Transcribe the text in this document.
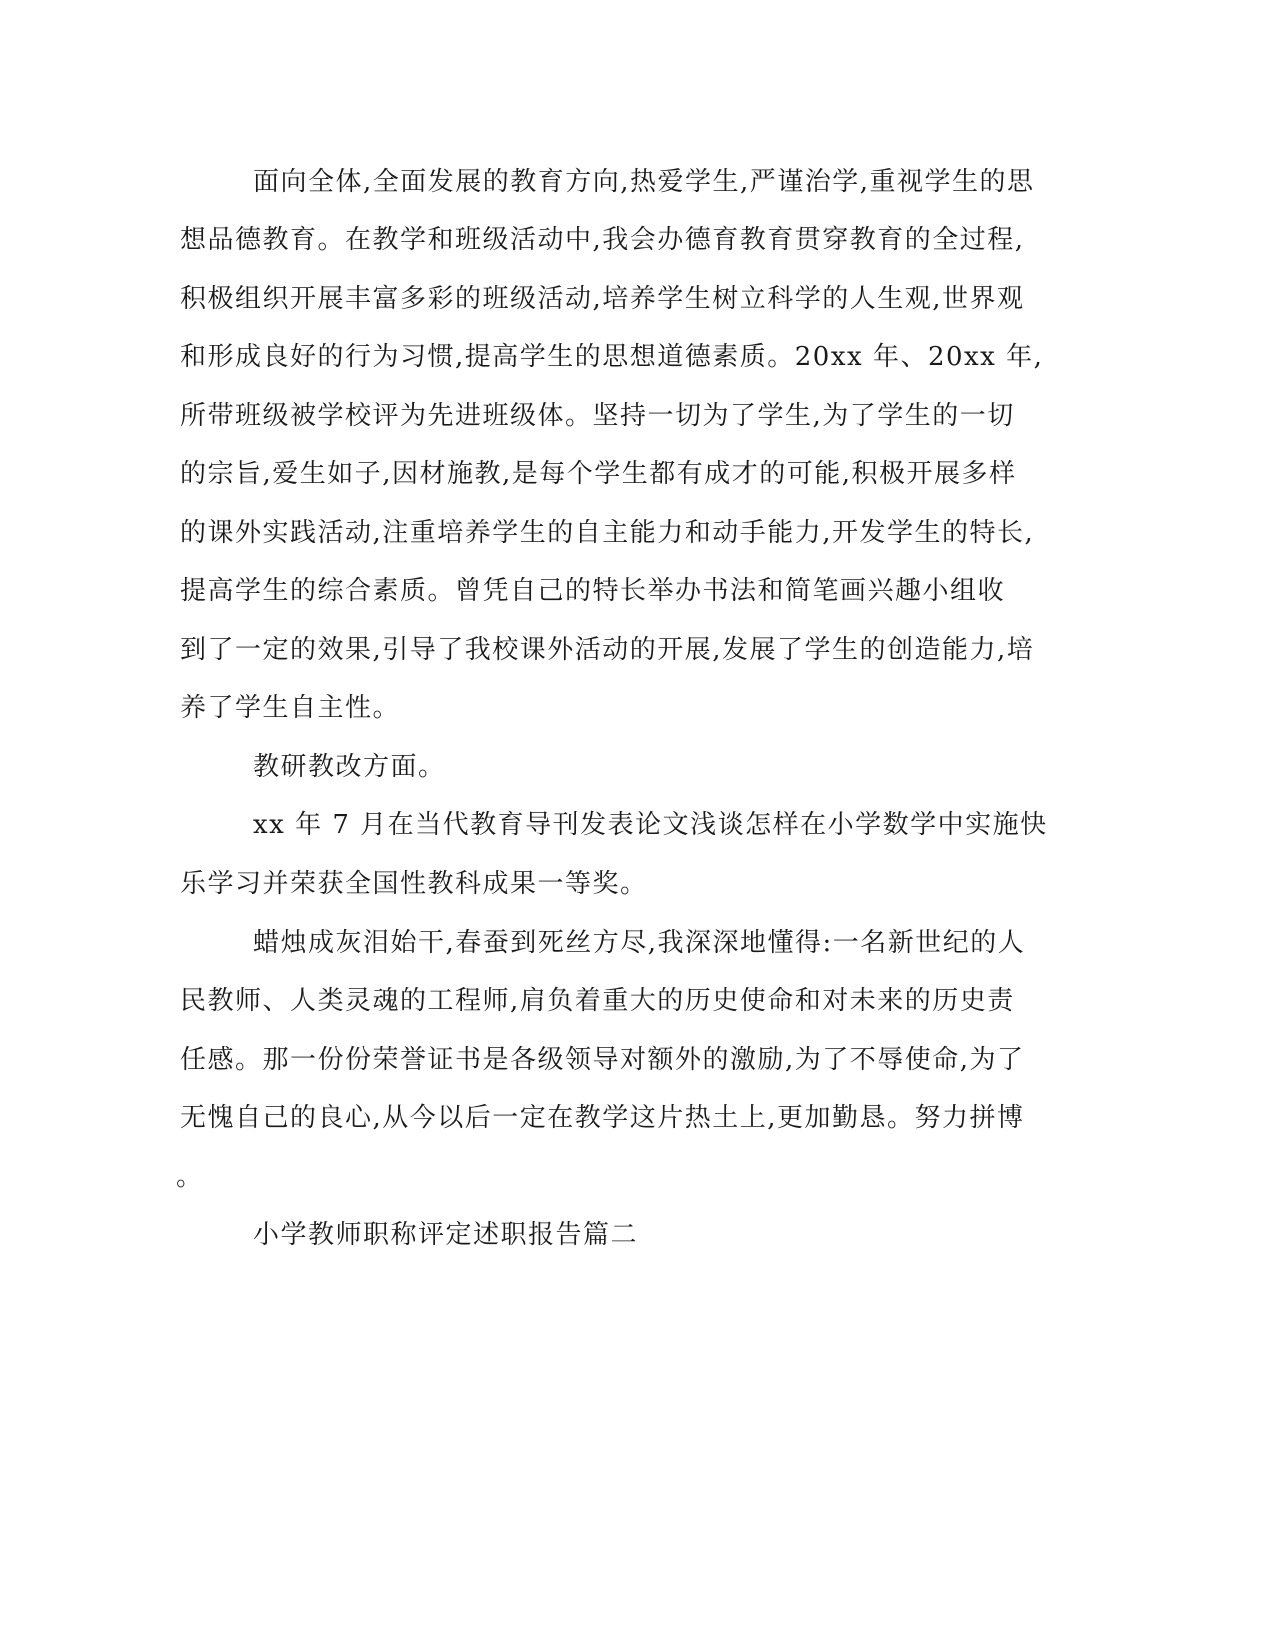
面向全体,全面发展的教育方向,热爱学生,严谨治学,重视学生的思
想品德教育。在教学和班级活动中,我会办德育教育贯穿教育的全过程,
积极组织开展丰富多彩的班级活动,培养学生树立科学的人生观,世界观
和形成良好的行为习惯,提高学生的思想道德素质。20xx 年、20xx 年,
所带班级被学校评为先进班级体。坚持一切为了学生,为了学生的一切
的宗旨,爱生如子,因材施教,是每个学生都有成才的可能,积极开展多样
的课外实践活动,注重培养学生的自主能力和动手能力,开发学生的特长,
提高学生的综合素质。曾凭自己的特长举办书法和简笔画兴趣小组收
到了一定的效果,引导了我校课外活动的开展,发展了学生的创造能力,培
养了学生自主性。
教研教改方面。
xx 年 7 月在当代教育导刊发表论文浅谈怎样在小学数学中实施快
乐学习并荣获全国性教科成果一等奖。
蜡烛成灰泪始干,春蚕到死丝方尽,我深深地懂得:一名新世纪的人
民教师、人类灵魂的工程师,肩负着重大的历史使命和对未来的历史责
任感。那一份份荣誉证书是各级领导对额外的激励,为了不辱使命,为了
无愧自己的良心,从今以后一定在教学这片热土上,更加勤恳。努力拼博
。
小学教师职称评定述职报告篇二
